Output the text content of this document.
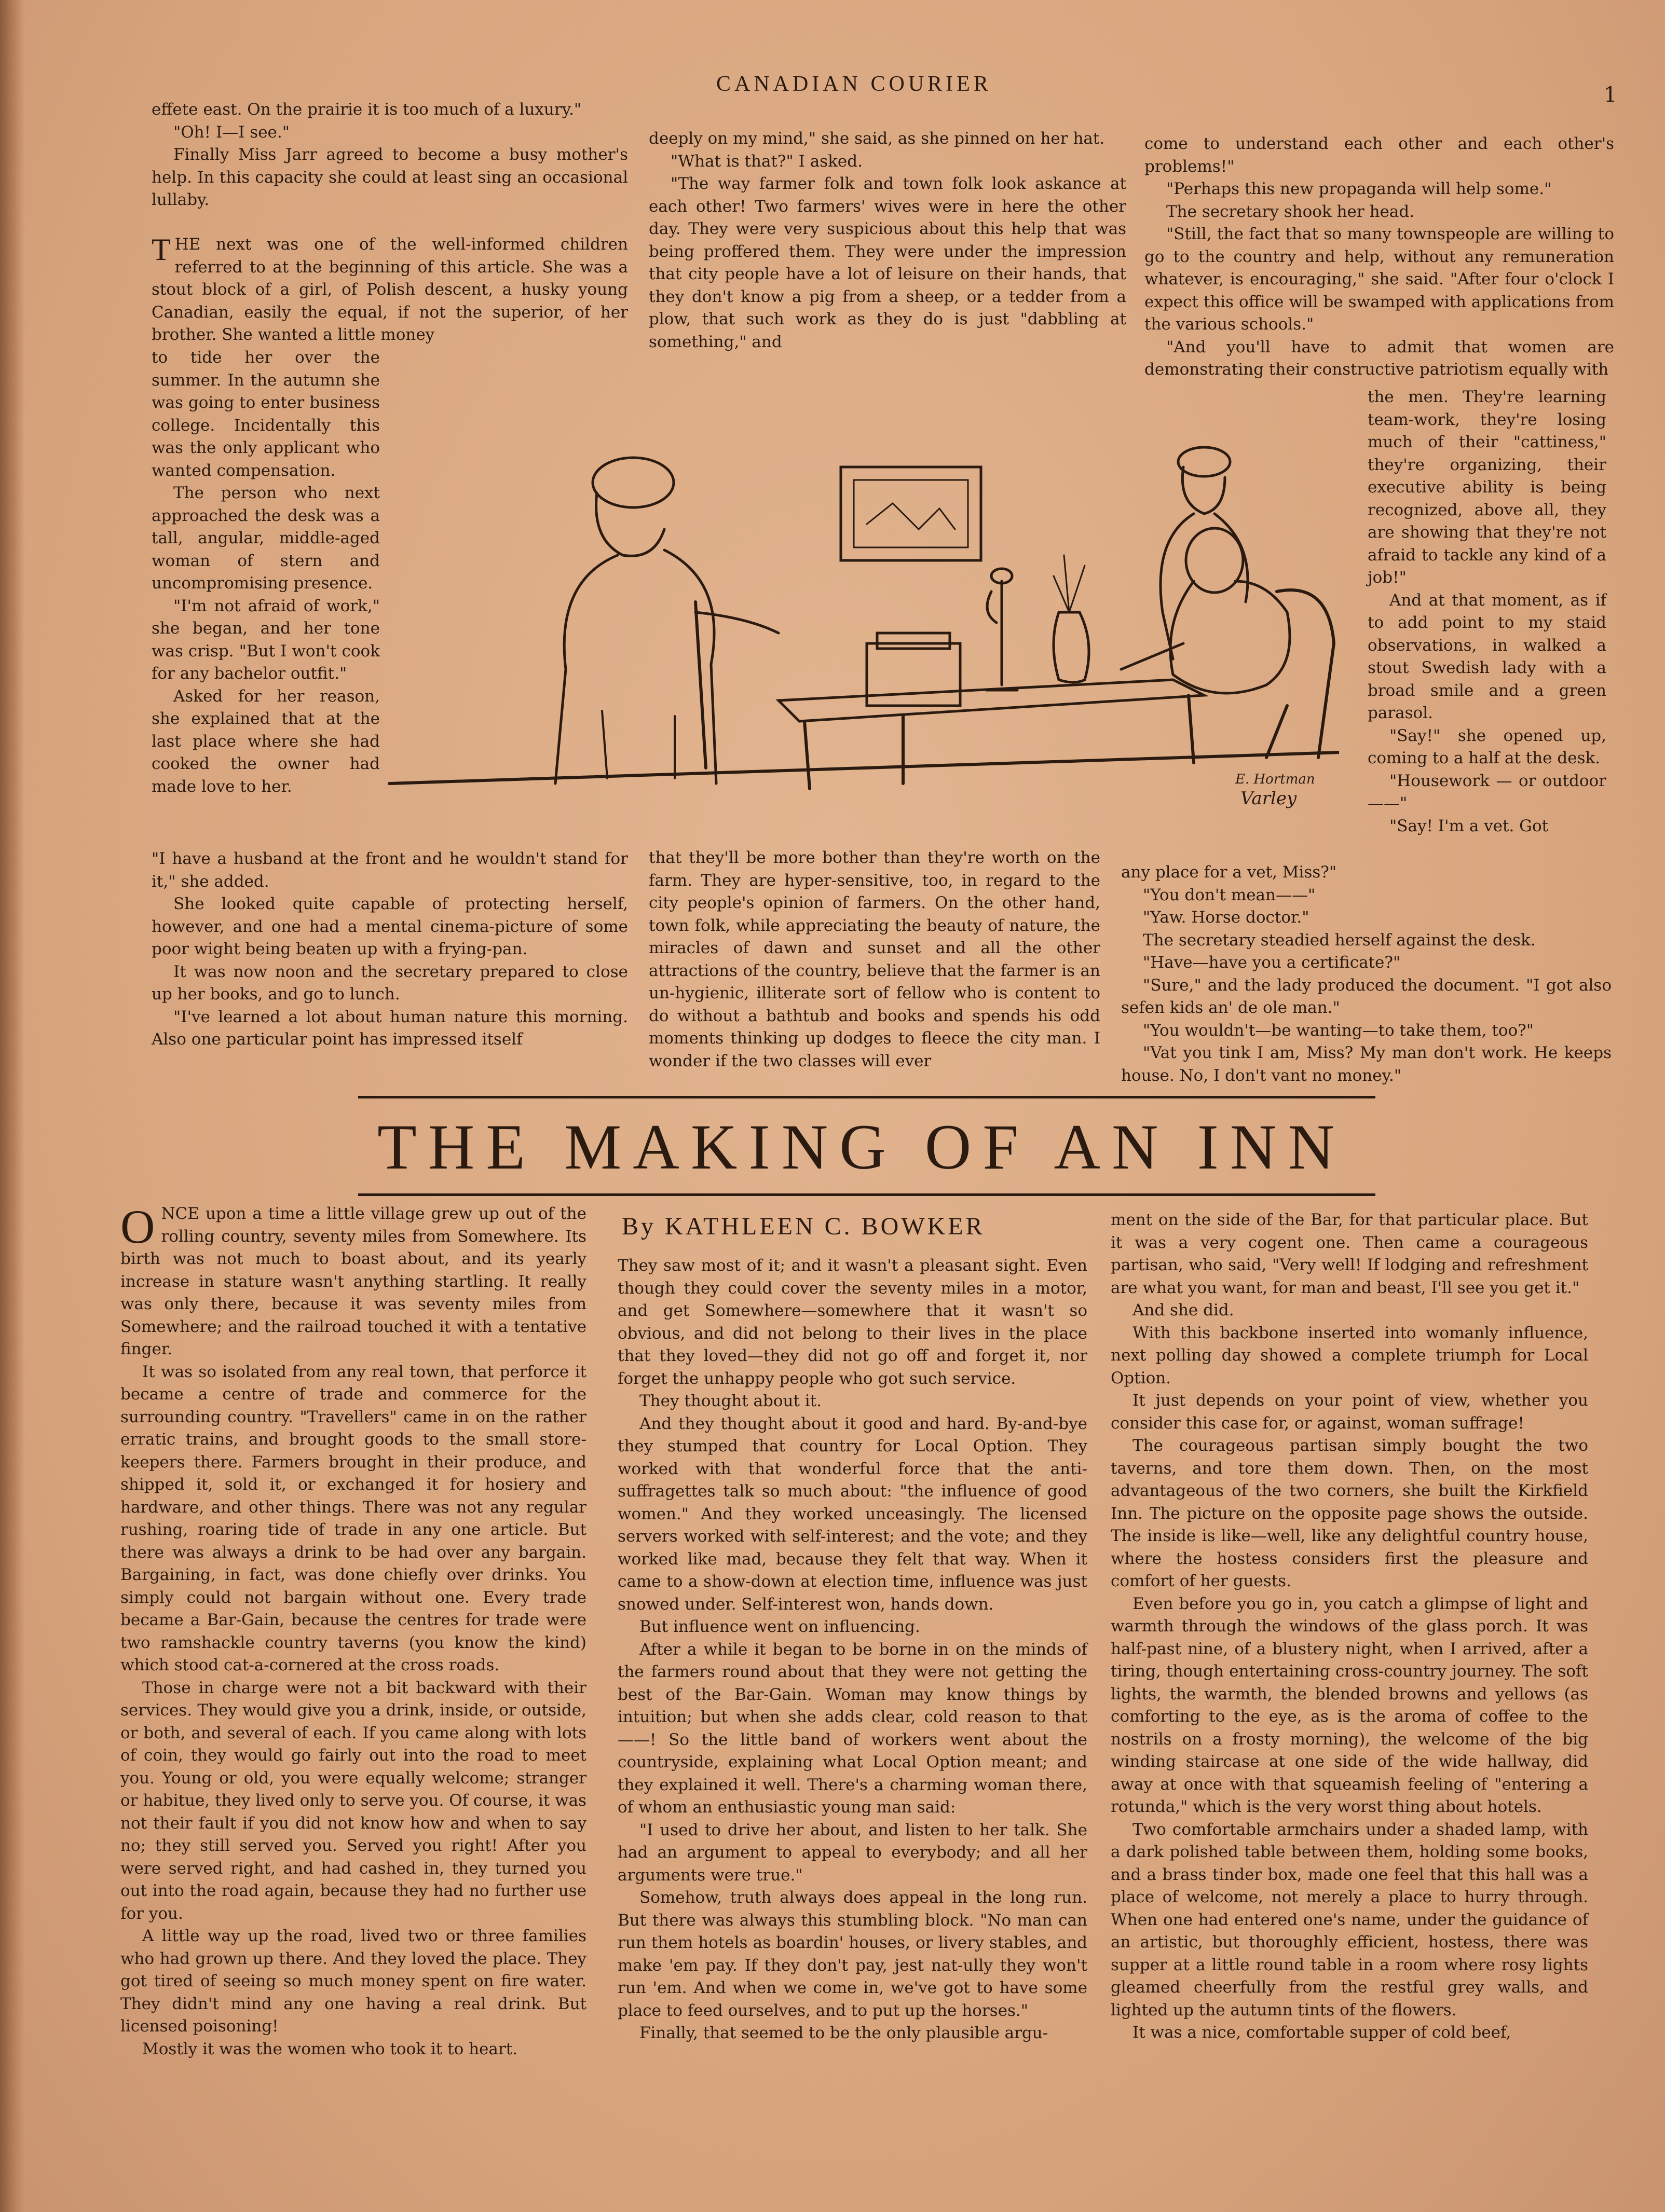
CANADIAN COURIER	1

effete east. On the prairie it is too much of a luxury."

"Oh! I—I see."

Finally Miss Jarr agreed to become a busy mother's help. In this capacity she could at least sing an occasional lullaby.

T HE next was one of the well-informed children referred to at the beginning of this article. She was a stout block of a girl, of Polish descent, a husky young Canadian, easily the equal, if not the superior, of her brother. She wanted a little money

to tide her over the summer. In the autumn she was going to enter business college. Incidentally this was the only applicant who wanted compensation.

The person who next approached the desk was a tall, angular, middle-aged woman of stern and uncompromising presence.

"I'm not afraid of work," she began, and her tone was crisp. "But I won't cook for any bachelor outfit."

Asked for her reason, she explained that at the last place where she had cooked the owner had made love to her.

"I have a husband at the front and he wouldn't stand for it," she added.

She looked quite capable of protecting herself, however, and one had a mental cinema-picture of some poor wight being beaten up with a frying-pan.

It was now noon and the secretary prepared to close up her books, and go to lunch.

"I've learned a lot about human nature this morning. Also one particular point has impressed itself

deeply on my mind," she said, as she pinned on her hat.

"What is that?" I asked.

"The way farmer folk and town folk look askance at each other! Two farmers' wives were in here the other day. They were very suspicious about this help that was being proffered them. They were under the impression that city people have a lot of leisure on their hands, that they don't know a pig from a sheep, or a tedder from a plow, that such work as they do is just "dabbling at something," and

that they'll be more bother than they're worth on the farm. They are hyper-sensitive, too, in regard to the city people's opinion of farmers. On the other hand, town folk, while appreciating the beauty of nature, the miracles of dawn and sunset and all the other attractions of the country, believe that the farmer is an un-hygienic, illiterate sort of fellow who is content to do without a bathtub and books and spends his odd moments thinking up dodges to fleece the city man. I wonder if the two classes will ever

come to understand each other and each other's problems!"

"Perhaps this new propaganda will help some."

The secretary shook her head.

"Still, the fact that so many townspeople are willing to go to the country and help, without any remuneration whatever, is encouraging," she said. "After four o'clock I expect this office will be swamped with applications from the various schools."

"And you'll have to admit that women are demonstrating their constructive patriotism equally with

the men. They're learning team-work, they're losing much of their "cattiness," they're organizing, their executive ability is being recognized, above all, they are showing that they're not afraid to tackle any kind of a job!"

And at that moment, as if to add point to my staid observations, in walked a stout Swedish lady with a broad smile and a green parasol.

"Say!" she opened up, coming to a half at the desk.

"Housework — or outdoor——"

"Say! I'm a vet. Got

any place for a vet, Miss?"

"You don't mean——"

"Yaw. Horse doctor."

The secretary steadied herself against the desk.

"Have—have you a certificate?"

"Sure," and the lady produced the document. "I got also sefen kids an' de ole man."

"You wouldn't—be wanting—to take them, too?"

"Vat you tink I am, Miss? My man don't work. He keeps house. No, I don't vant no money."

E. Hortman
Varley
THE MAKING OF AN INN
By KATHLEEN C. BOWKER
O NCE upon a time a little village grew up out of the rolling country, seventy miles from Somewhere. Its birth was not much to boast about, and its yearly increase in stature wasn't anything startling. It really was only there, because it was seventy miles from Somewhere; and the railroad touched it with a tentative finger.

It was so isolated from any real town, that perforce it became a centre of trade and commerce for the surrounding country. "Travellers" came in on the rather erratic trains, and brought goods to the small store-keepers there. Farmers brought in their produce, and shipped it, sold it, or exchanged it for hosiery and hardware, and other things. There was not any regular rushing, roaring tide of trade in any one article. But there was always a drink to be had over any bargain. Bargaining, in fact, was done chiefly over drinks. You simply could not bargain without one. Every trade became a Bar-Gain, because the centres for trade were two ramshackle country taverns (you know the kind) which stood cat-a-cornered at the cross roads.

Those in charge were not a bit backward with their services. They would give you a drink, inside, or outside, or both, and several of each. If you came along with lots of coin, they would go fairly out into the road to meet you. Young or old, you were equally welcome; stranger or habitue, they lived only to serve you. Of course, it was not their fault if you did not know how and when to say no; they still served you. Served you right! After you were served right, and had cashed in, they turned you out into the road again, because they had no further use for you.

A little way up the road, lived two or three families who had grown up there. And they loved the place. They got tired of seeing so much money spent on fire water. They didn't mind any one having a real drink. But licensed poisoning!

Mostly it was the women who took it to heart.

They saw most of it; and it wasn't a pleasant sight. Even though they could cover the seventy miles in a motor, and get Somewhere—somewhere that it wasn't so obvious, and did not belong to their lives in the place that they loved—they did not go off and forget it, nor forget the unhappy people who got such service.

They thought about it.

And they thought about it good and hard. By-and-bye they stumped that country for Local Option. They worked with that wonderful force that the anti-suffragettes talk so much about: "the influence of good women." And they worked unceasingly. The licensed servers worked with self-interest; and the vote; and they worked like mad, because they felt that way. When it came to a show-down at election time, influence was just snowed under. Self-interest won, hands down.

But influence went on influencing.

After a while it began to be borne in on the minds of the farmers round about that they were not getting the best of the Bar-Gain. Woman may know things by intuition; but when she adds clear, cold reason to that——! So the little band of workers went about the countryside, explaining what Local Option meant; and they explained it well. There's a charming woman there, of whom an enthusiastic young man said:

"I used to drive her about, and listen to her talk. She had an argument to appeal to everybody; and all her arguments were true."

Somehow, truth always does appeal in the long run. But there was always this stumbling block. "No man can run them hotels as boardin' houses, or livery stables, and make 'em pay. If they don't pay, jest nat-ully they won't run 'em. And when we come in, we've got to have some place to feed ourselves, and to put up the horses."

Finally, that seemed to be the only plausible argu-

ment on the side of the Bar, for that particular place. But it was a very cogent one. Then came a courageous partisan, who said, "Very well! If lodging and refreshment are what you want, for man and beast, I'll see you get it."

And she did.

With this backbone inserted into womanly influence, next polling day showed a complete triumph for Local Option.

It just depends on your point of view, whether you consider this case for, or against, woman suffrage!

The courageous partisan simply bought the two taverns, and tore them down. Then, on the most advantageous of the two corners, she built the Kirkfield Inn. The picture on the opposite page shows the outside. The inside is like—well, like any delightful country house, where the hostess considers first the pleasure and comfort of her guests.

Even before you go in, you catch a glimpse of light and warmth through the windows of the glass porch. It was half-past nine, of a blustery night, when I arrived, after a tiring, though entertaining cross-country journey. The soft lights, the warmth, the blended browns and yellows (as comforting to the eye, as is the aroma of coffee to the nostrils on a frosty morning), the welcome of the big winding staircase at one side of the wide hallway, did away at once with that squeamish feeling of "entering a rotunda," which is the very worst thing about hotels.

Two comfortable armchairs under a shaded lamp, with a dark polished table between them, holding some books, and a brass tinder box, made one feel that this hall was a place of welcome, not merely a place to hurry through. When one had entered one's name, under the guidance of an artistic, but thoroughly efficient, hostess, there was supper at a little round table in a room where rosy lights gleamed cheerfully from the restful grey walls, and lighted up the autumn tints of the flowers.

It was a nice, comfortable supper of cold beef,
